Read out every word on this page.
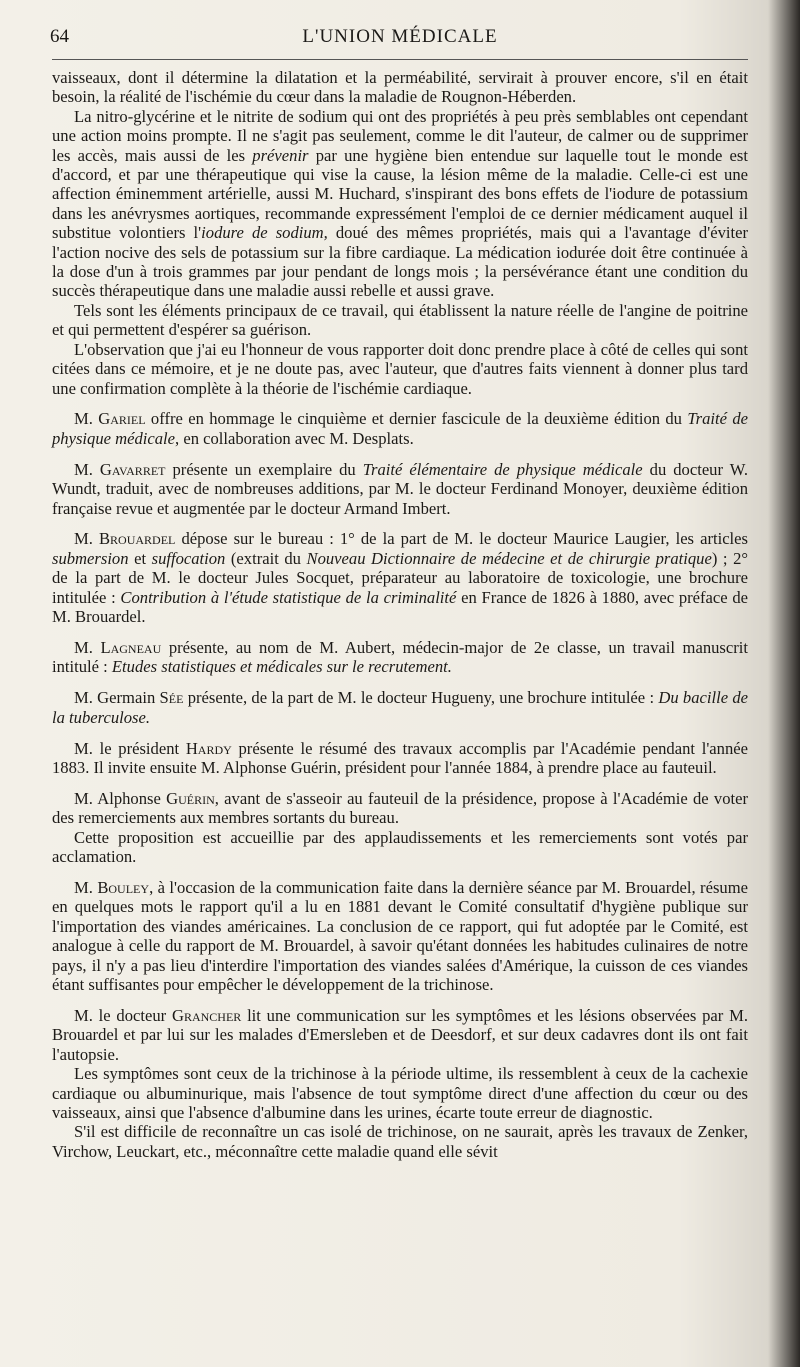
64	L'UNION MÉDICALE

vaisseaux, dont il détermine la dilatation et la perméabilité, servirait à prouver encore, s'il en était besoin, la réalité de l'ischémie du cœur dans la maladie de Rougnon-Héberden.

La nitro-glycérine et le nitrite de sodium qui ont des propriétés à peu près semblables ont cependant une action moins prompte. Il ne s'agit pas seulement, comme le dit l'auteur, de calmer ou de supprimer les accès, mais aussi de les prévenir par une hygiène bien entendue sur laquelle tout le monde est d'accord, et par une thérapeutique qui vise la cause, la lésion même de la maladie. Celle-ci est une affection éminemment artérielle, aussi M. Huchard, s'inspirant des bons effets de l'iodure de potassium dans les anévrysmes aortiques, recommande expressément l'emploi de ce dernier médicament auquel il substitue volontiers l'iodure de sodium, doué des mêmes propriétés, mais qui a l'avantage d'éviter l'action nocive des sels de potassium sur la fibre cardiaque. La médication iodurée doit être continuée à la dose d'un à trois grammes par jour pendant de longs mois ; la persévérance étant une condition du succès thérapeutique dans une maladie aussi rebelle et aussi grave.

Tels sont les éléments principaux de ce travail, qui établissent la nature réelle de l'angine de poitrine et qui permettent d'espérer sa guérison.

L'observation que j'ai eu l'honneur de vous rapporter doit donc prendre place à côté de celles qui sont citées dans ce mémoire, et je ne doute pas, avec l'auteur, que d'autres faits viennent à donner plus tard une confirmation complète à la théorie de l'ischémie cardiaque.

M. Gariel offre en hommage le cinquième et dernier fascicule de la deuxième édition du Traité de physique médicale, en collaboration avec M. Desplats.

M. Gavarret présente un exemplaire du Traité élémentaire de physique médicale du docteur W. Wundt, traduit, avec de nombreuses additions, par M. le docteur Ferdinand Monoyer, deuxième édition française revue et augmentée par le docteur Armand Imbert.

M. Brouardel dépose sur le bureau : 1° de la part de M. le docteur Maurice Laugier, les articles submersion et suffocation (extrait du Nouveau Dictionnaire de médecine et de chirurgie pratique) ; 2° de la part de M. le docteur Jules Socquet, préparateur au laboratoire de toxicologie, une brochure intitulée : Contribution à l'étude statistique de la criminalité en France de 1826 à 1880, avec préface de M. Brouardel.

M. Lagneau présente, au nom de M. Aubert, médecin-major de 2e classe, un travail manuscrit intitulé : Etudes statistiques et médicales sur le recrutement.

M. Germain Sée présente, de la part de M. le docteur Hugueny, une brochure intitulée : Du bacille de la tuberculose.

M. le président Hardy présente le résumé des travaux accomplis par l'Académie pendant l'année 1883. Il invite ensuite M. Alphonse Guérin, président pour l'année 1884, à prendre place au fauteuil.

M. Alphonse Guérin, avant de s'asseoir au fauteuil de la présidence, propose à l'Académie de voter des remerciements aux membres sortants du bureau.

Cette proposition est accueillie par des applaudissements et les remerciements sont votés par acclamation.

M. Bouley, à l'occasion de la communication faite dans la dernière séance par M. Brouardel, résume en quelques mots le rapport qu'il a lu en 1881 devant le Comité consultatif d'hygiène publique sur l'importation des viandes américaines. La conclusion de ce rapport, qui fut adoptée par le Comité, est analogue à celle du rapport de M. Brouardel, à savoir qu'étant données les habitudes culinaires de notre pays, il n'y a pas lieu d'interdire l'importation des viandes salées d'Amérique, la cuisson de ces viandes étant suffisantes pour empêcher le développement de la trichinose.

M. le docteur Grancher lit une communication sur les symptômes et les lésions observées par M. Brouardel et par lui sur les malades d'Emersleben et de Deesdorf, et sur deux cadavres dont ils ont fait l'autopsie.

Les symptômes sont ceux de la trichinose à la période ultime, ils ressemblent à ceux de la cachexie cardiaque ou albuminurique, mais l'absence de tout symptôme direct d'une affection du cœur ou des vaisseaux, ainsi que l'absence d'albumine dans les urines, écarte toute erreur de diagnostic.

S'il est difficile de reconnaître un cas isolé de trichinose, on ne saurait, après les travaux de Zenker, Virchow, Leuckart, etc., méconnaître cette maladie quand elle sévit
